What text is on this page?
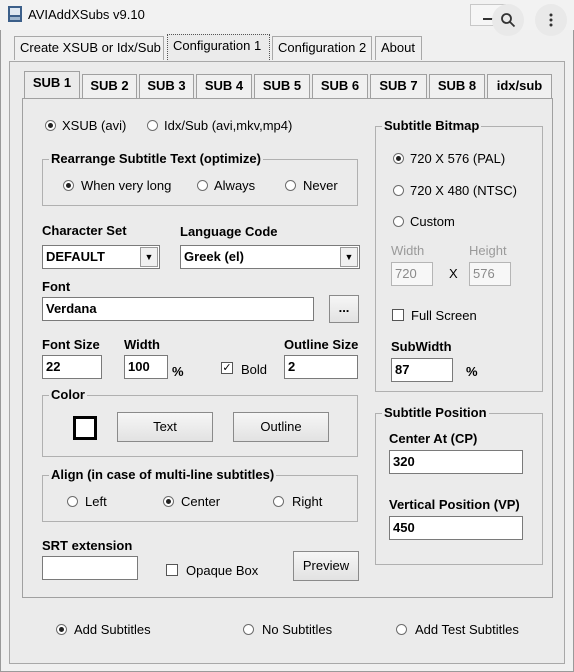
AVIAddXSubs v9.10
Create XSUB or Idx/Sub Configuration 1	Configuration 2	About
SUB 1	SUB 2	SUB 3	SUB 4	SUB 5	SUB 6	SUB 7	SUB 8	idx/sub
XSUB (avi)	Idx/Sub (avi,mkv,mp4)
Rearrange Subtitle Text (optimize)
When very long	Always	Never
Character Set
DEFAULT	▼
Language Code
Greek (el)	▼
Font
Verdana	...
Font Size
22
Width
100	%	✓ Bold
Outline Size
2
Color
Text	Outline
Align (in case of multi-line subtitles)
Left	Center	Right
SRT extension
Opaque Box	Preview
Subtitle Bitmap
720 X 576 (PAL)
720 X 480 (NTSC)
Custom
Width	Height
720	X	576
Full Screen
SubWidth
87	%
Subtitle Position
Center At (CP)
320
Vertical Position (VP)
450
Add Subtitles	No Subtitles	Add Test Subtitles
